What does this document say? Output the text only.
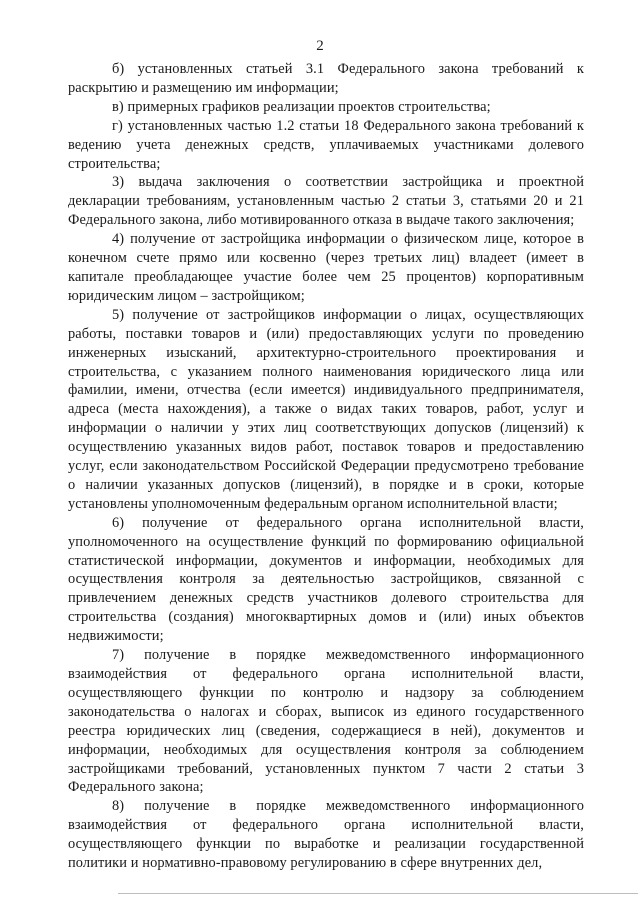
2

б) установленных статьей 3.1 Федерального закона требований к раскрытию и размещению им информации;

в) примерных графиков реализации проектов строительства;

г) установленных частью 1.2 статьи 18 Федерального закона требований к ведению учета денежных средств, уплачиваемых участниками долевого строительства;

3) выдача заключения о соответствии застройщика и проектной декларации требованиям, установленным частью 2 статьи 3, статьями 20 и 21 Федерального закона, либо мотивированного отказа в выдаче такого заключения;

4) получение от застройщика информации о физическом лице, которое в конечном счете прямо или косвенно (через третьих лиц) владеет (имеет в капитале преобладающее участие более чем 25 процентов) корпоративным юридическим лицом – застройщиком;

5) получение от застройщиков информации о лицах, осуществляющих работы, поставки товаров и (или) предоставляющих услуги по проведению инженерных изысканий, архитектурно-строительного проектирования и строительства, с указанием полного наименования юридического лица или фамилии, имени, отчества (если имеется) индивидуального предпринимателя, адреса (места нахождения), а также о видах таких товаров, работ, услуг и информации о наличии у этих лиц соответствующих допусков (лицензий) к осуществлению указанных видов работ, поставок товаров и предоставлению услуг, если законодательством Российской Федерации предусмотрено требование о наличии указанных допусков (лицензий), в порядке и в сроки, которые установлены уполномоченным федеральным органом исполнительной власти;

6) получение от федерального органа исполнительной власти, уполномоченного на осуществление функций по формированию официальной статистической информации, документов и информации, необходимых для осуществления контроля за деятельностью застройщиков, связанной с привлечением денежных средств участников долевого строительства для строительства (создания) многоквартирных домов и (или) иных объектов недвижимости;

7) получение в порядке межведомственного информационного взаимодействия от федерального органа исполнительной власти, осуществляющего функции по контролю и надзору за соблюдением законодательства о налогах и сборах, выписок из единого государственного реестра юридических лиц (сведения, содержащиеся в ней), документов и информации, необходимых для осуществления контроля за соблюдением застройщиками требований, установленных пунктом 7 части 2 статьи 3 Федерального закона;

8) получение в порядке межведомственного информационного взаимодействия от федерального органа исполнительной власти, осуществляющего функции по выработке и реализации государственной политики и нормативно-правовому регулированию в сфере внутренних дел,
